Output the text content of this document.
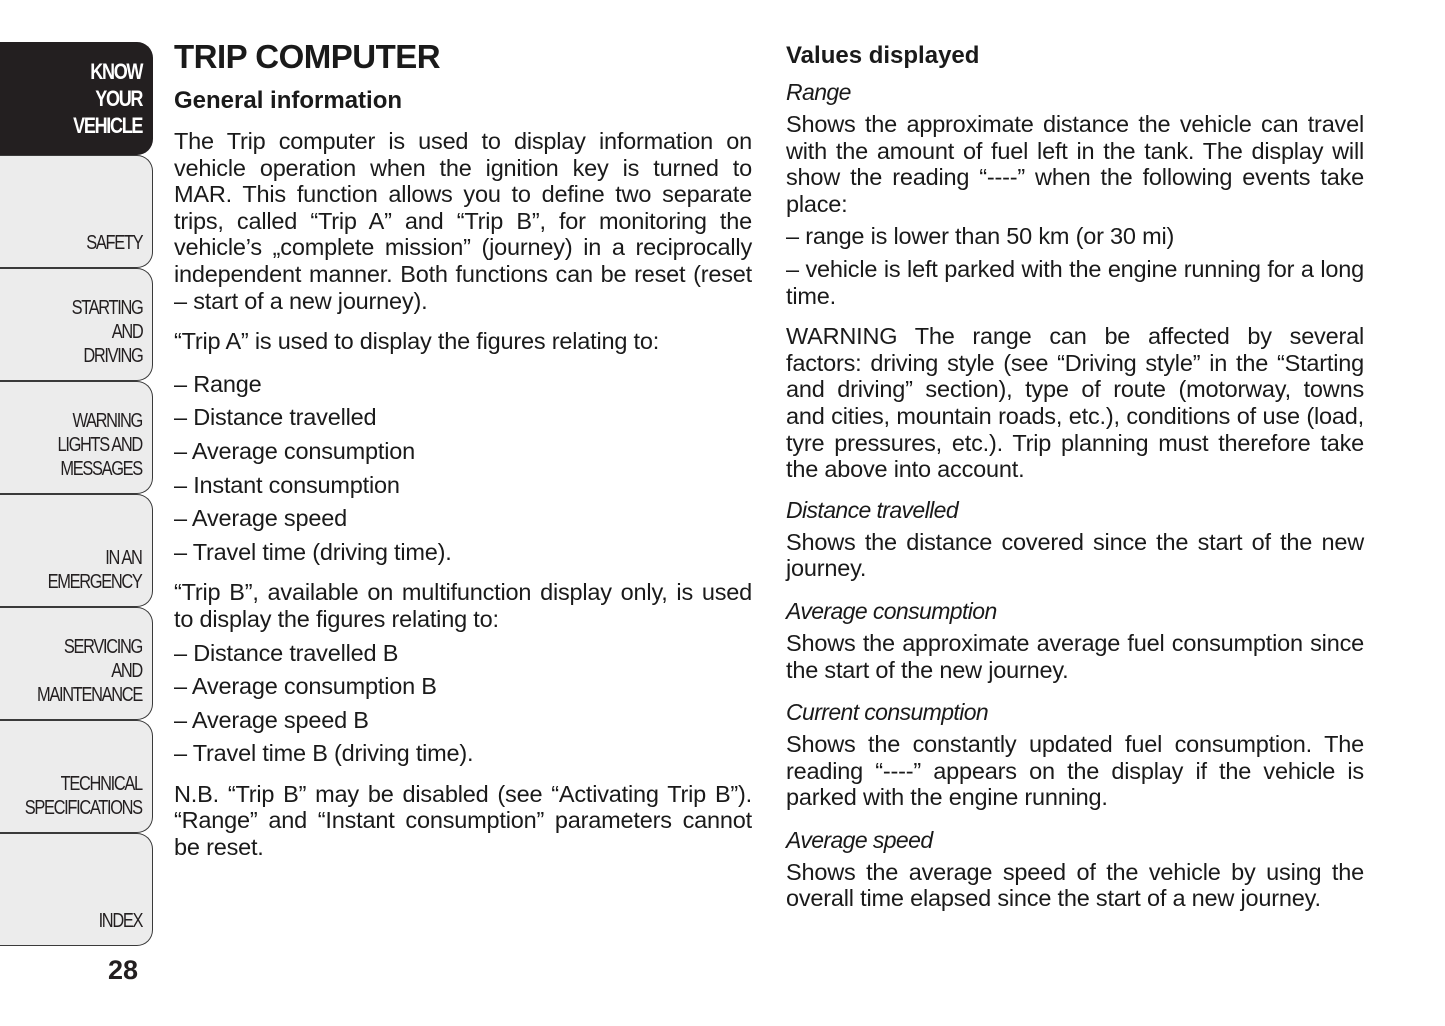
KNOW
YOUR
VEHICLE
SAFETY
STARTING
AND
DRIVING
WARNING
LIGHTS AND
MESSAGES
IN AN
EMERGENCY
SERVICING
AND
MAINTENANCE
TECHNICAL
SPECIFICATIONS
INDEX
28
TRIP COMPUTER
General information

The Trip computer is used to display information on vehicle operation when the ignition key is turned to MAR. This function allows you to define two separate trips, called “Trip A” and “Trip B”, for monitoring the vehicle’s „complete mission” (journey) in a reciprocally independent manner. Both functions can be reset (reset – start of a new journey).

“Trip A” is used to display the figures relating to:

– Range
– Distance travelled
– Average consumption
– Instant consumption
– Average speed
– Travel time (driving time).

“Trip B”, available on multifunction display only, is used to display the figures relating to:

– Distance travelled B
– Average consumption B
– Average speed B
– Travel time B (driving time).

N.B. “Trip B” may be disabled (see “Activating Trip B”). “Range” and “Instant consumption” parameters cannot be reset.

Values displayed
Range

Shows the approximate distance the vehicle can travel with the amount of fuel left in the tank. The display will show the reading “----” when the following events take place:

– range is lower than 50 km (or 30 mi)

– vehicle is left parked with the engine running for a long time.

WARNING The range can be affected by several factors: driving style (see “Driving style” in the “Starting and driving” section), type of route (motorway, towns and cities, mountain roads, etc.), conditions of use (load, tyre pressures, etc.). Trip planning must therefore take the above into account.

Distance travelled

Shows the distance covered since the start of the new journey.

Average consumption

Shows the approximate average fuel consumption since the start of the new journey.

Current consumption

Shows the constantly updated fuel consumption. The reading “----” appears on the display if the vehicle is parked with the engine running.

Average speed

Shows the average speed of the vehicle by using the overall time elapsed since the start of a new journey.
